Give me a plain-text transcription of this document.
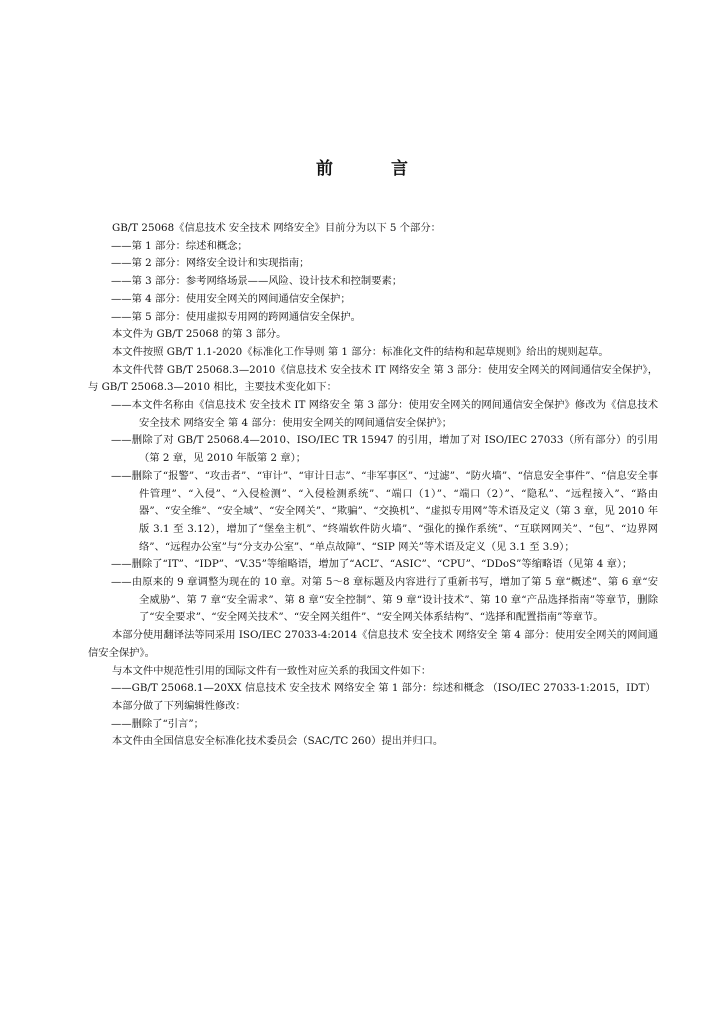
前 言

GB/T 25068《信息技术 安全技术 网络安全》目前分为以下 5 个部分：

——第 1 部分：综述和概念；

——第 2 部分：网络安全设计和实现指南；

——第 3 部分：参考网络场景——风险、设计技术和控制要素；

——第 4 部分：使用安全网关的网间通信安全保护；

——第 5 部分：使用虚拟专用网的跨网通信安全保护。

本文件为 GB/T 25068 的第 3 部分。

本文件按照 GB/T 1.1-2020《标准化工作导则 第 1 部分：标准化文件的结构和起草规则》给出的规则起草。

本文件代替 GB/T 25068.3—2010《信息技术 安全技术 IT 网络安全 第 3 部分：使用安全网关的网间通信安全保护》，与 GB/T 25068.3—2010 相比，主要技术变化如下：

——本文件名称由《信息技术 安全技术 IT 网络安全 第 3 部分：使用安全网关的网间通信安全保护》修改为《信息技术 安全技术 网络安全 第 4 部分：使用安全网关的网间通信安全保护》；

——删除了对 GB/T 25068.4—2010、ISO/IEC TR 15947 的引用，增加了对 ISO/IEC 27033（所有部分）的引用（第 2 章，见 2010 年版第 2 章）；

——删除了“报警”、“攻击者”、“审计”、“审计日志”、“非军事区”、“过滤”、“防火墙”、“信息安全事件”、“信息安全事件管理”、“入侵”、“入侵检测”、“入侵检测系统”、“端口（1）”、“端口（2）”、“隐私”、“远程接入”、“路由器”、“安全维”、“安全域”、“安全网关”、“欺骗”、“交换机”、“虚拟专用网”等术语及定义（第 3 章，见 2010 年版 3.1 至 3.12），增加了“堡垒主机”、“终端软件防火墙”、“强化的操作系统”、“互联网网关”、“包”、“边界网络”、“远程办公室”与“分支办公室”、“单点故障”、“SIP 网关”等术语及定义（见 3.1 至 3.9）；

——删除了“IT”、“IDP”、“V.35”等缩略语，增加了“ACL”、“ASIC”、“CPU”、“DDoS”等缩略语（见第 4 章）；

——由原来的 9 章调整为现在的 10 章。对第 5～8 章标题及内容进行了重新书写，增加了第 5 章“概述”、第 6 章“安全威胁”、第 7 章“安全需求”、第 8 章“安全控制”、第 9 章“设计技术”、第 10 章“产品选择指南”等章节，删除了“安全要求”、“安全网关技术”、“安全网关组件”、“安全网关体系结构”、“选择和配置指南”等章节。

本部分使用翻译法等同采用 ISO/IEC 27033-4:2014《信息技术 安全技术 网络安全 第 4 部分：使用安全网关的网间通信安全保护》。

与本文件中规范性引用的国际文件有一致性对应关系的我国文件如下：

——GB/T 25068.1—20XX 信息技术 安全技术 网络安全 第 1 部分：综述和概念 （ISO/IEC 27033-1:2015，IDT）

本部分做了下列编辑性修改：

——删除了“引言”；

本文件由全国信息安全标准化技术委员会（SAC/TC 260）提出并归口。
